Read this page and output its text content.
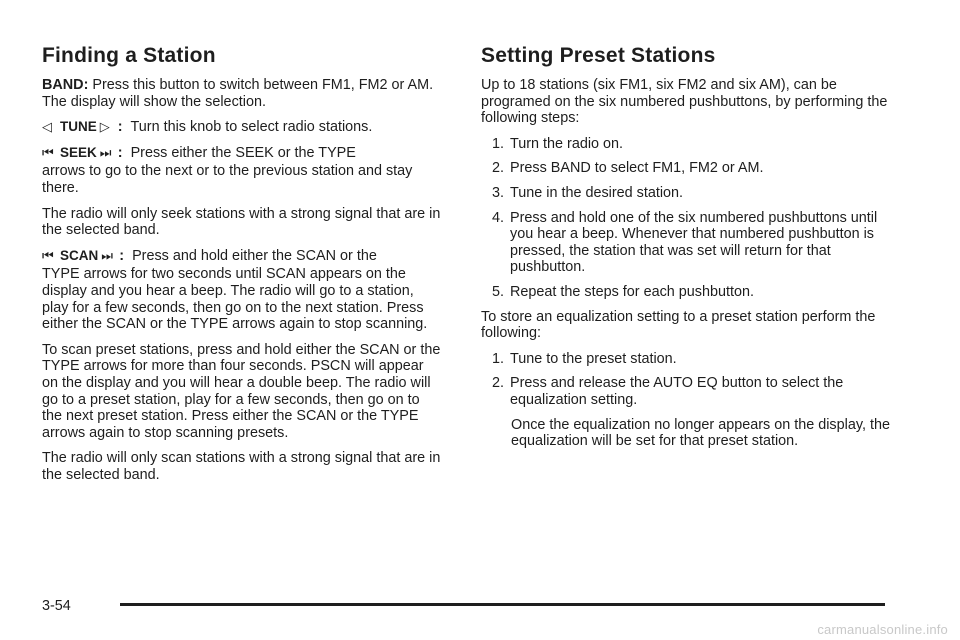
Finding a Station

BAND: Press this button to switch between FM1, FM2 or AM. The display will show the selection.

◁ TUNE ▷ : Turn this knob to select radio stations.

⏮ SEEK ⏭ : Press either the SEEK or the TYPE

arrows to go to the next or to the previous station and stay there.

The radio will only seek stations with a strong signal that are in the selected band.

⏮ SCAN ⏭ : Press and hold either the SCAN or the

TYPE arrows for two seconds until SCAN appears on the display and you hear a beep. The radio will go to a station, play for a few seconds, then go on to the next station. Press either the SCAN or the TYPE arrows again to stop scanning.

To scan preset stations, press and hold either the SCAN or the TYPE arrows for more than four seconds. PSCN will appear on the display and you will hear a double beep. The radio will go to a preset station, play for a few seconds, then go on to the next preset station. Press either the SCAN or the TYPE arrows again to stop scanning presets.

The radio will only scan stations with a strong signal that are in the selected band.

Setting Preset Stations

Up to 18 stations (six FM1, six FM2 and six AM), can be programed on the six numbered pushbuttons, by performing the following steps:

1. Turn the radio on.
2. Press BAND to select FM1, FM2 or AM.
3. Tune in the desired station.
4. Press and hold one of the six numbered pushbuttons until you hear a beep. Whenever that numbered pushbutton is pressed, the station that was set will return for that pushbutton.
5. Repeat the steps for each pushbutton.

To store an equalization setting to a preset station perform the following:

1. Tune to the preset station.
2. Press and release the AUTO EQ button to select the equalization setting.

Once the equalization no longer appears on the display, the equalization will be set for that preset station.

3-54
carmanualsonline.info
